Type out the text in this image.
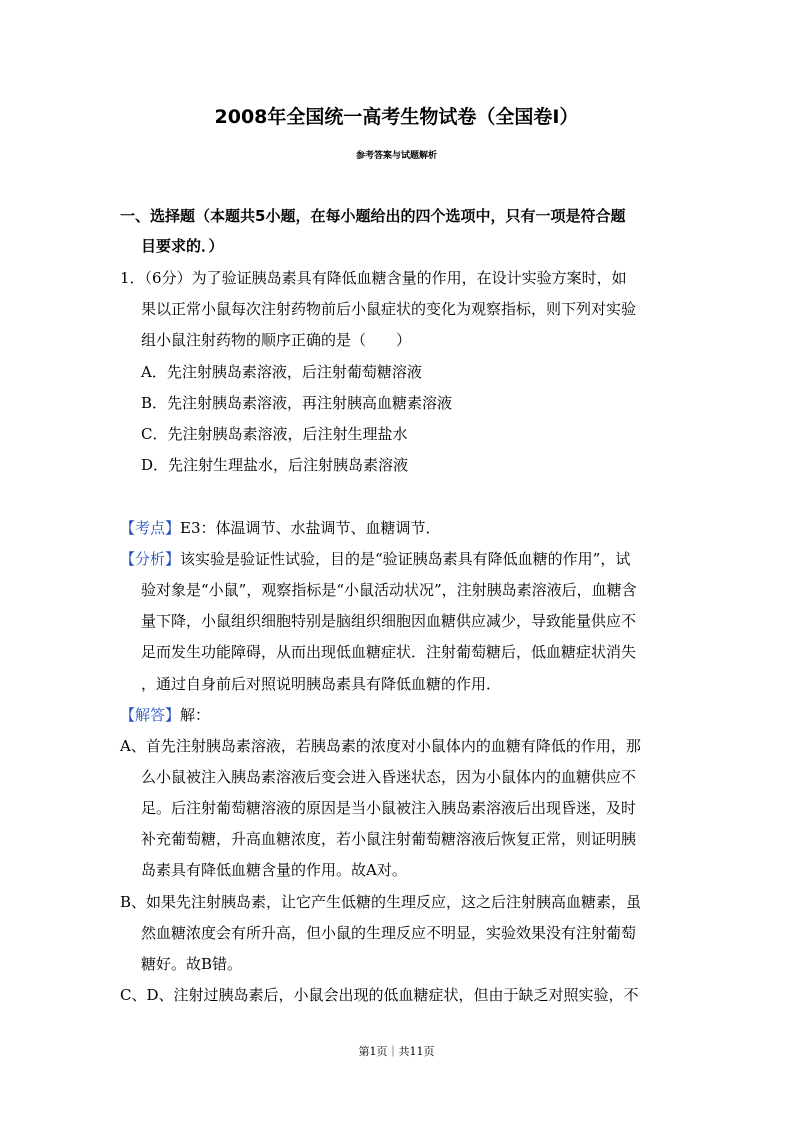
2008年全国统一高考生物试卷（全国卷Ⅰ）
参考答案与试题解析
一、选择题（本题共5小题，在每小题给出的四个选项中，只有一项是符合题
目要求的．）
1．（6分）为了验证胰岛素具有降低血糖含量的作用，在设计实验方案时，如
果以正常小鼠每次注射药物前后小鼠症状的变化为观察指标，则下列对实验
组小鼠注射药物的顺序正确的是（　　）
A．先注射胰岛素溶液，后注射葡萄糖溶液
B．先注射胰岛素溶液，再注射胰高血糖素溶液
C．先注射胰岛素溶液，后注射生理盐水
D．先注射生理盐水，后注射胰岛素溶液
【考点】E3：体温调节、水盐调节、血糖调节．
【分析】该实验是验证性试验，目的是“验证胰岛素具有降低血糖的作用”，试
验对象是“小鼠”，观察指标是“小鼠活动状况”，注射胰岛素溶液后，血糖含
量下降，小鼠组织细胞特别是脑组织细胞因血糖供应减少，导致能量供应不
足而发生功能障碍，从而出现低血糖症状．注射葡萄糖后，低血糖症状消失
，通过自身前后对照说明胰岛素具有降低血糖的作用．
【解答】解：
A、首先注射胰岛素溶液，若胰岛素的浓度对小鼠体内的血糖有降低的作用，那
么小鼠被注入胰岛素溶液后变会进入昏迷状态，因为小鼠体内的血糖供应不
足。后注射葡萄糖溶液的原因是当小鼠被注入胰岛素溶液后出现昏迷，及时
补充葡萄糖，升高血糖浓度，若小鼠注射葡萄糖溶液后恢复正常，则证明胰
岛素具有降低血糖含量的作用。故A对。
B、如果先注射胰岛素，让它产生低糖的生理反应，这之后注射胰高血糖素，虽
然血糖浓度会有所升高，但小鼠的生理反应不明显，实验效果没有注射葡萄
糖好。故B错。
C、D、注射过胰岛素后，小鼠会出现的低血糖症状，但由于缺乏对照实验，不
第1页｜共11页
